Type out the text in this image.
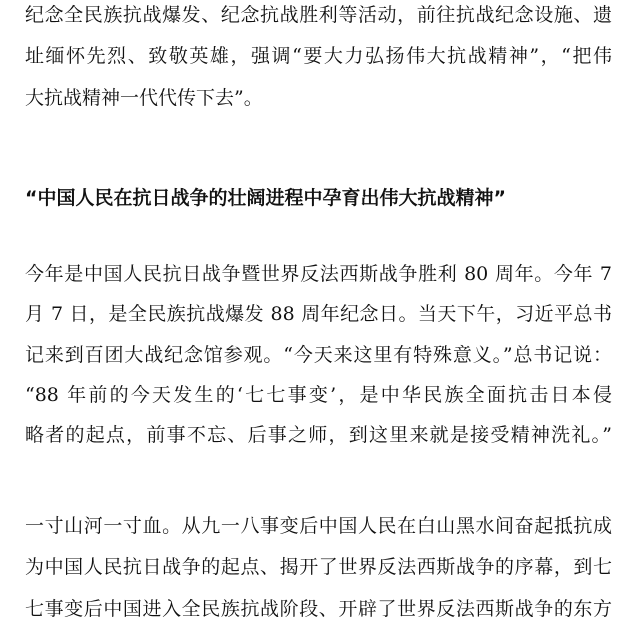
纪念全民族抗战爆发、纪念抗战胜利等活动，前往抗战纪念设施、遗
址缅怀先烈、致敬英雄，强调“要大力弘扬伟大抗战精神”，“把伟
大抗战精神一代代传下去”。
“中国人民在抗日战争的壮阔进程中孕育出伟大抗战精神”
今年是中国人民抗日战争暨世界反法西斯战争胜利 80 周年。今年 7
月 7 日，是全民族抗战爆发 88 周年纪念日。当天下午，习近平总书
记来到百团大战纪念馆参观。“今天来这里有特殊意义。”总书记说：
“88 年前的今天发生的‘七七事变’，是中华民族全面抗击日本侵
略者的起点，前事不忘、后事之师，到这里来就是接受精神洗礼。”
一寸山河一寸血。从九一八事变后中国人民在白山黑水间奋起抵抗成
为中国人民抗日战争的起点、揭开了世界反法西斯战争的序幕，到七
七事变后中国进入全民族抗战阶段、开辟了世界反法西斯战争的东方
